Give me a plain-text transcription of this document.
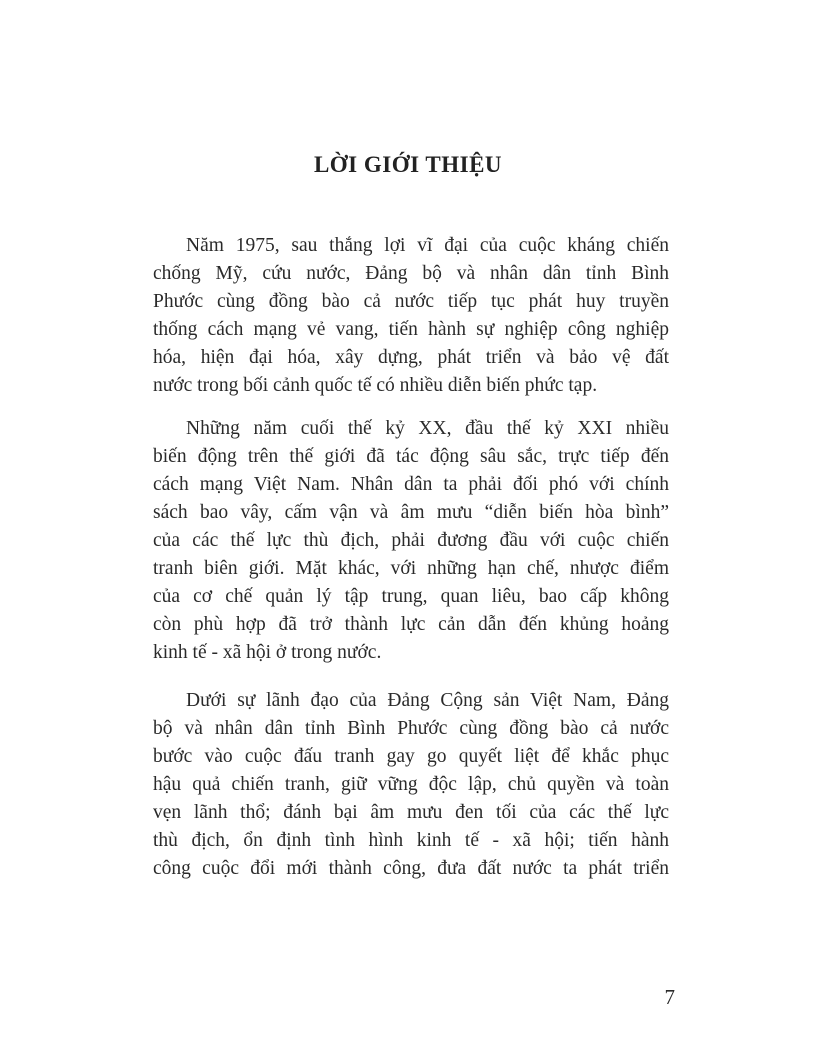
LỜI GIỚI THIỆU
Năm 1975, sau thắng lợi vĩ đại của cuộc kháng chiến
chống Mỹ, cứu nước, Đảng bộ và nhân dân tỉnh Bình
Phước cùng đồng bào cả nước tiếp tục phát huy truyền
thống cách mạng vẻ vang, tiến hành sự nghiệp công nghiệp
hóa, hiện đại hóa, xây dựng, phát triển và bảo vệ đất
nước trong bối cảnh quốc tế có nhiều diễn biến phức tạp.
Những năm cuối thế kỷ XX, đầu thế kỷ XXI nhiều
biến động trên thế giới đã tác động sâu sắc, trực tiếp đến
cách mạng Việt Nam. Nhân dân ta phải đối phó với chính
sách bao vây, cấm vận và âm mưu “diễn biến hòa bình”
của các thế lực thù địch, phải đương đầu với cuộc chiến
tranh biên giới. Mặt khác, với những hạn chế, nhược điểm
của cơ chế quản lý tập trung, quan liêu, bao cấp không
còn phù hợp đã trở thành lực cản dẫn đến khủng hoảng
kinh tế - xã hội ở trong nước.
Dưới sự lãnh đạo của Đảng Cộng sản Việt Nam, Đảng
bộ và nhân dân tỉnh Bình Phước cùng đồng bào cả nước
bước vào cuộc đấu tranh gay go quyết liệt để khắc phục
hậu quả chiến tranh, giữ vững độc lập, chủ quyền và toàn
vẹn lãnh thổ; đánh bại âm mưu đen tối của các thế lực
thù địch, ổn định tình hình kinh tế - xã hội; tiến hành
công cuộc đổi mới thành công, đưa đất nước ta phát triển
7
